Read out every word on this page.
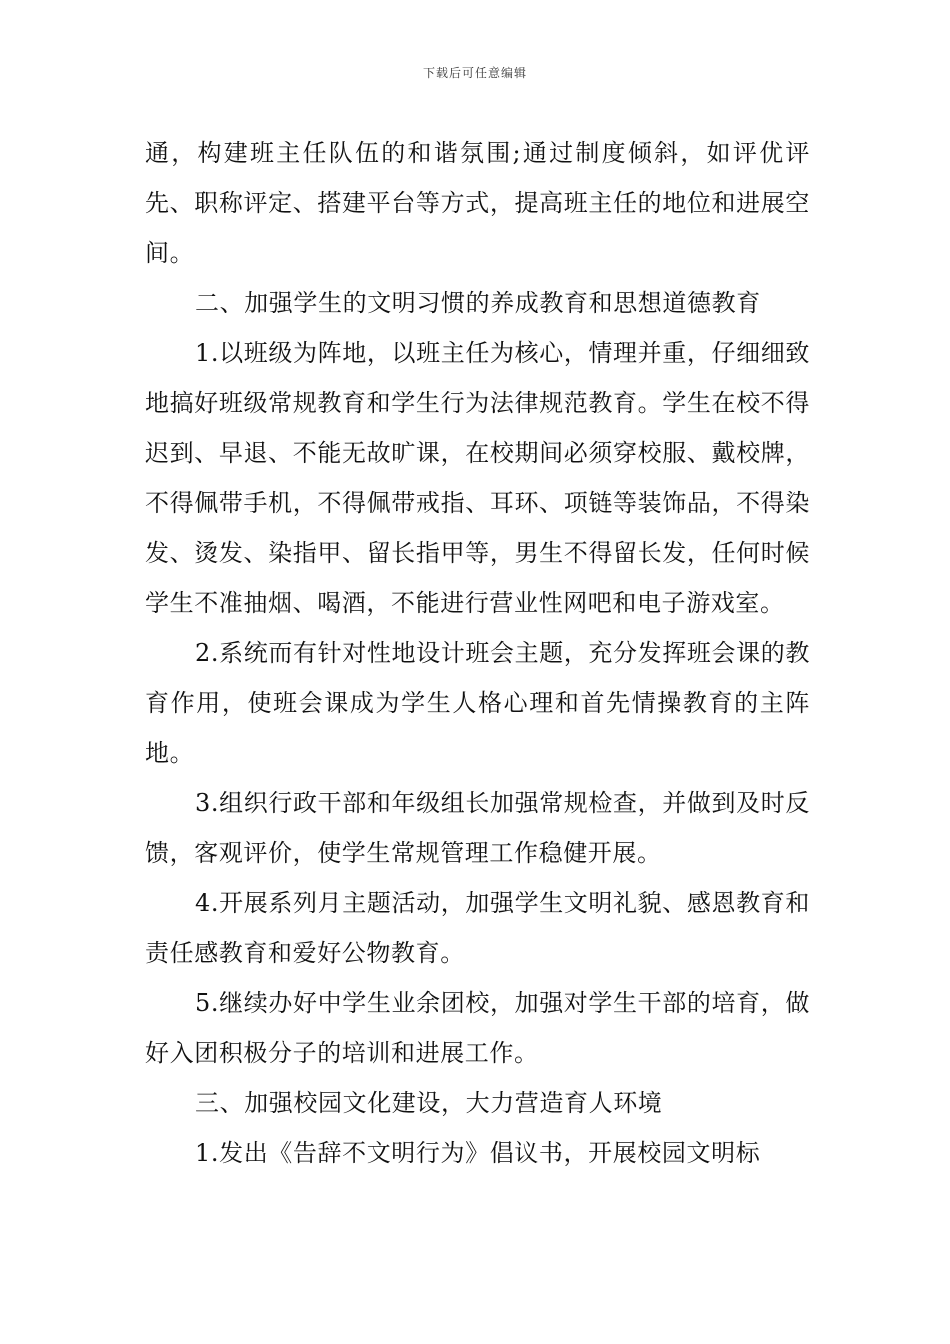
下载后可任意编辑

通，构建班主任队伍的和谐氛围;通过制度倾斜，如评优评先、职称评定、搭建平台等方式，提高班主任的地位和进展空间。

二、加强学生的文明习惯的养成教育和思想道德教育

1.以班级为阵地，以班主任为核心，情理并重，仔细细致地搞好班级常规教育和学生行为法律规范教育。学生在校不得迟到、早退、不能无故旷课，在校期间必须穿校服、戴校牌，不得佩带手机，不得佩带戒指、耳环、项链等装饰品，不得染发、烫发、染指甲、留长指甲等，男生不得留长发，任何时候学生不准抽烟、喝酒，不能进行营业性网吧和电子游戏室。

2.系统而有针对性地设计班会主题，充分发挥班会课的教育作用，使班会课成为学生人格心理和首先情操教育的主阵地。

3.组织行政干部和年级组长加强常规检查，并做到及时反馈，客观评价，使学生常规管理工作稳健开展。

4.开展系列月主题活动，加强学生文明礼貌、感恩教育和责任感教育和爱好公物教育。

5.继续办好中学生业余团校，加强对学生干部的培育，做好入团积极分子的培训和进展工作。

三、加强校园文化建设，大力营造育人环境

1.发出《告辞不文明行为》倡议书，开展校园文明标
